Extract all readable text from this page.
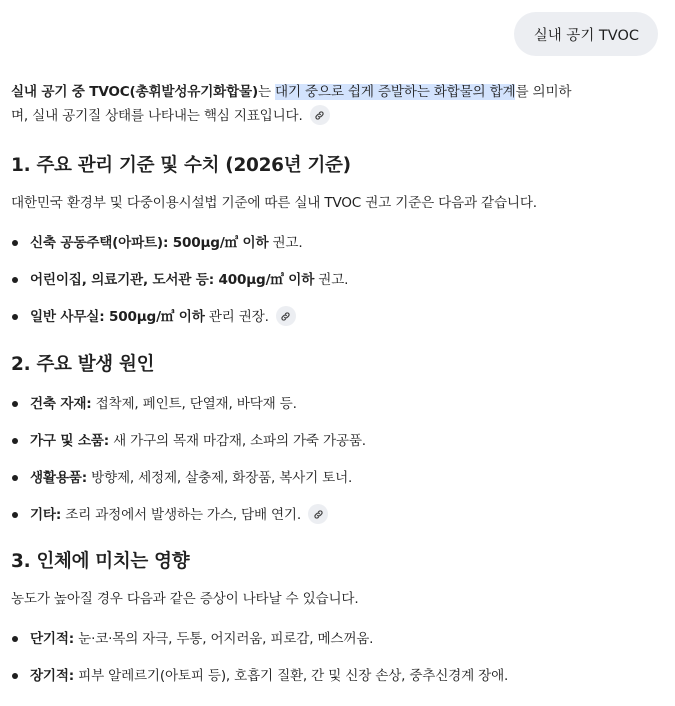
실내 공기 TVOC
실내 공기 중 TVOC(총휘발성유기화합물)는 대기 중으로 쉽게 증발하는 화합물의 합계를 의미하
며, 실내 공기질 상태를 나타내는 핵심 지표입니다.
1. 주요 관리 기준 및 수치 (2026년 기준)

대한민국 환경부 및 다중이용시설법 기준에 따른 실내 TVOC 권고 기준은 다음과 같습니다.

신축 공동주택(아파트): 500μg/㎥ 이하 권고.
어린이집, 의료기관, 도서관 등: 400μg/㎥ 이하 권고.
일반 사무실: 500μg/㎥ 이하 관리 권장.
2. 주요 발생 원인
건축 자재: 접착제, 페인트, 단열재, 바닥재 등.
가구 및 소품: 새 가구의 목재 마감재, 소파의 가죽 가공품.
생활용품: 방향제, 세정제, 살충제, 화장품, 복사기 토너.
기타: 조리 과정에서 발생하는 가스, 담배 연기.
3. 인체에 미치는 영향

농도가 높아질 경우 다음과 같은 증상이 나타날 수 있습니다.

단기적: 눈·코·목의 자극, 두통, 어지러움, 피로감, 메스꺼움.
장기적: 피부 알레르기(아토피 등), 호흡기 질환, 간 및 신장 손상, 중추신경계 장애.
